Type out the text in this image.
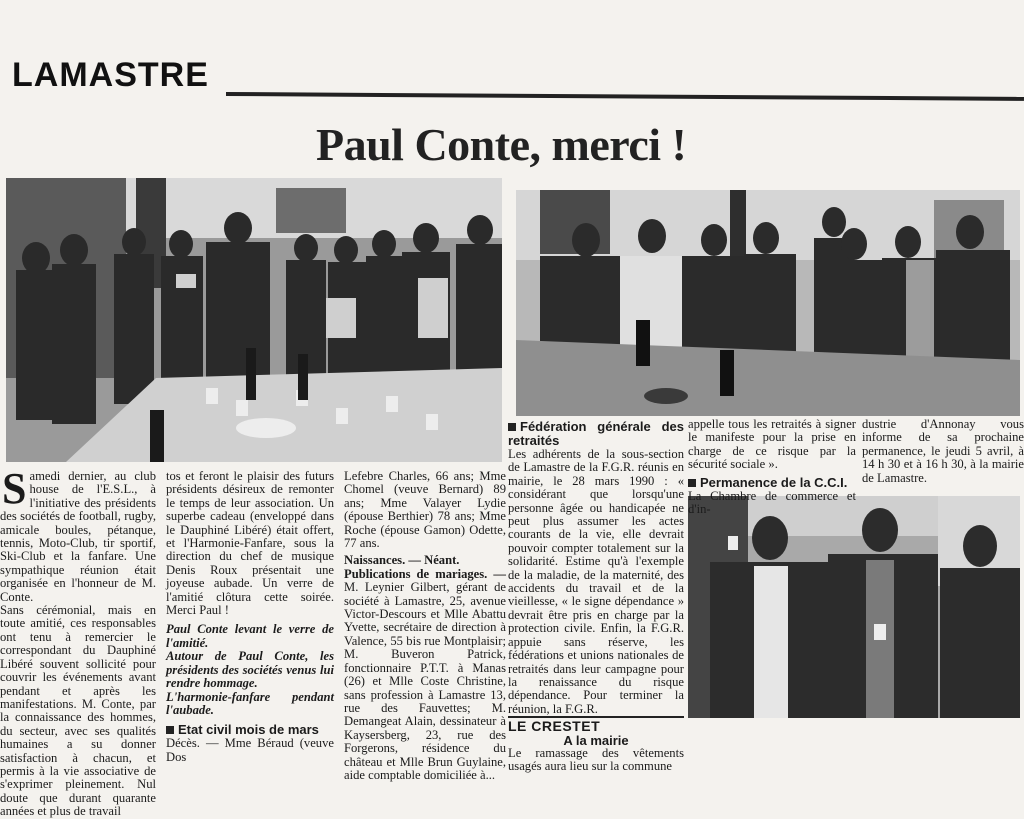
LAMASTRE
Paul Conte, merci !

Samedi dernier, au club house de l'E.S.L., à l'initiative des présidents des sociétés de football, rugby, amicale boules, pétanque, tennis, Moto-Club, tir sportif, Ski-Club et la fanfare. Une sympathique réunion était organisée en l'honneur de M. Conte.

Sans cérémonial, mais en toute amitié, ces responsables ont tenu à remercier le correspondant du Dauphiné Libéré souvent sollicité pour couvrir les événements avant pendant et après les manifestations. M. Conte, par la connaissance des hommes, du secteur, avec ses qualités humaines a su donner satisfaction à chacun, et permis à la vie associative de s'exprimer pleinement. Nul doute que durant quarante années et plus de travail

tos et feront le plaisir des futurs présidents désireux de remonter le temps de leur association. Un superbe cadeau (enveloppé dans le Dauphiné Libéré) était offert, et l'Harmonie-Fanfare, sous la direction du chef de musique Denis Roux présentait une joyeuse aubade. Un verre de l'amitié clôtura cette soirée. Merci Paul !

Paul Conte levant le verre de l'amitié.

Autour de Paul Conte, les présidents des sociétés venus lui rendre hommage.

L'harmonie-fanfare pendant l'aubade.

Etat civil mois de mars

Décès. — Mme Béraud (veuve Dos

Lefebre Charles, 66 ans; Mme Chomel (veuve Bernard) 89 ans; Mme Valayer Lydie (épouse Berthier) 78 ans; Mme Roche (épouse Gamon) Odette, 77 ans.

Naissances. — Néant.

Publications de mariages. — M. Leynier Gilbert, gérant de société à Lamastre, 25, avenue Victor-Descours et Mlle Abattu Yvette, secrétaire de direction à Valence, 55 bis rue Montplaisir; M. Buveron Patrick, fonctionnaire P.T.T. à Manas (26) et Mlle Coste Christine, sans profession à Lamastre 13, rue des Fauvettes; M. Demangeat Alain, dessinateur à Kaysersberg, 23, rue des Forgerons, résidence du château et Mlle Brun Guylaine, aide comptable domiciliée à...

Fédération générale des retraités

Les adhérents de la sous-section de Lamastre de la F.G.R. réunis en mairie, le 28 mars 1990 : « considérant que lorsqu'une personne âgée ou handicapée ne peut plus assumer les actes courants de la vie, elle devrait pouvoir compter totalement sur la solidarité. Estime qu'à l'exemple de la maladie, de la maternité, des accidents du travail et de la vieillesse, « le signe dépendance » devrait être pris en charge par la protection civile. Enfin, la F.G.R. appuie sans réserve, les fédérations et unions nationales de retraités dans leur campagne pour la renaissance du risque dépendance. Pour terminer la réunion, la F.G.R.

LE CRESTET

A la mairie

Le ramassage des vêtements usagés aura lieu sur la commune

appelle tous les retraités à signer le manifeste pour la prise en charge de ce risque par la sécurité sociale ».

Permanence de la C.C.I.

La Chambre de commerce et d'in-

dustrie d'Annonay vous informe de sa prochaine permanence, le jeudi 5 avril, à 14 h 30 et à 16 h 30, à la mairie de Lamastre.
